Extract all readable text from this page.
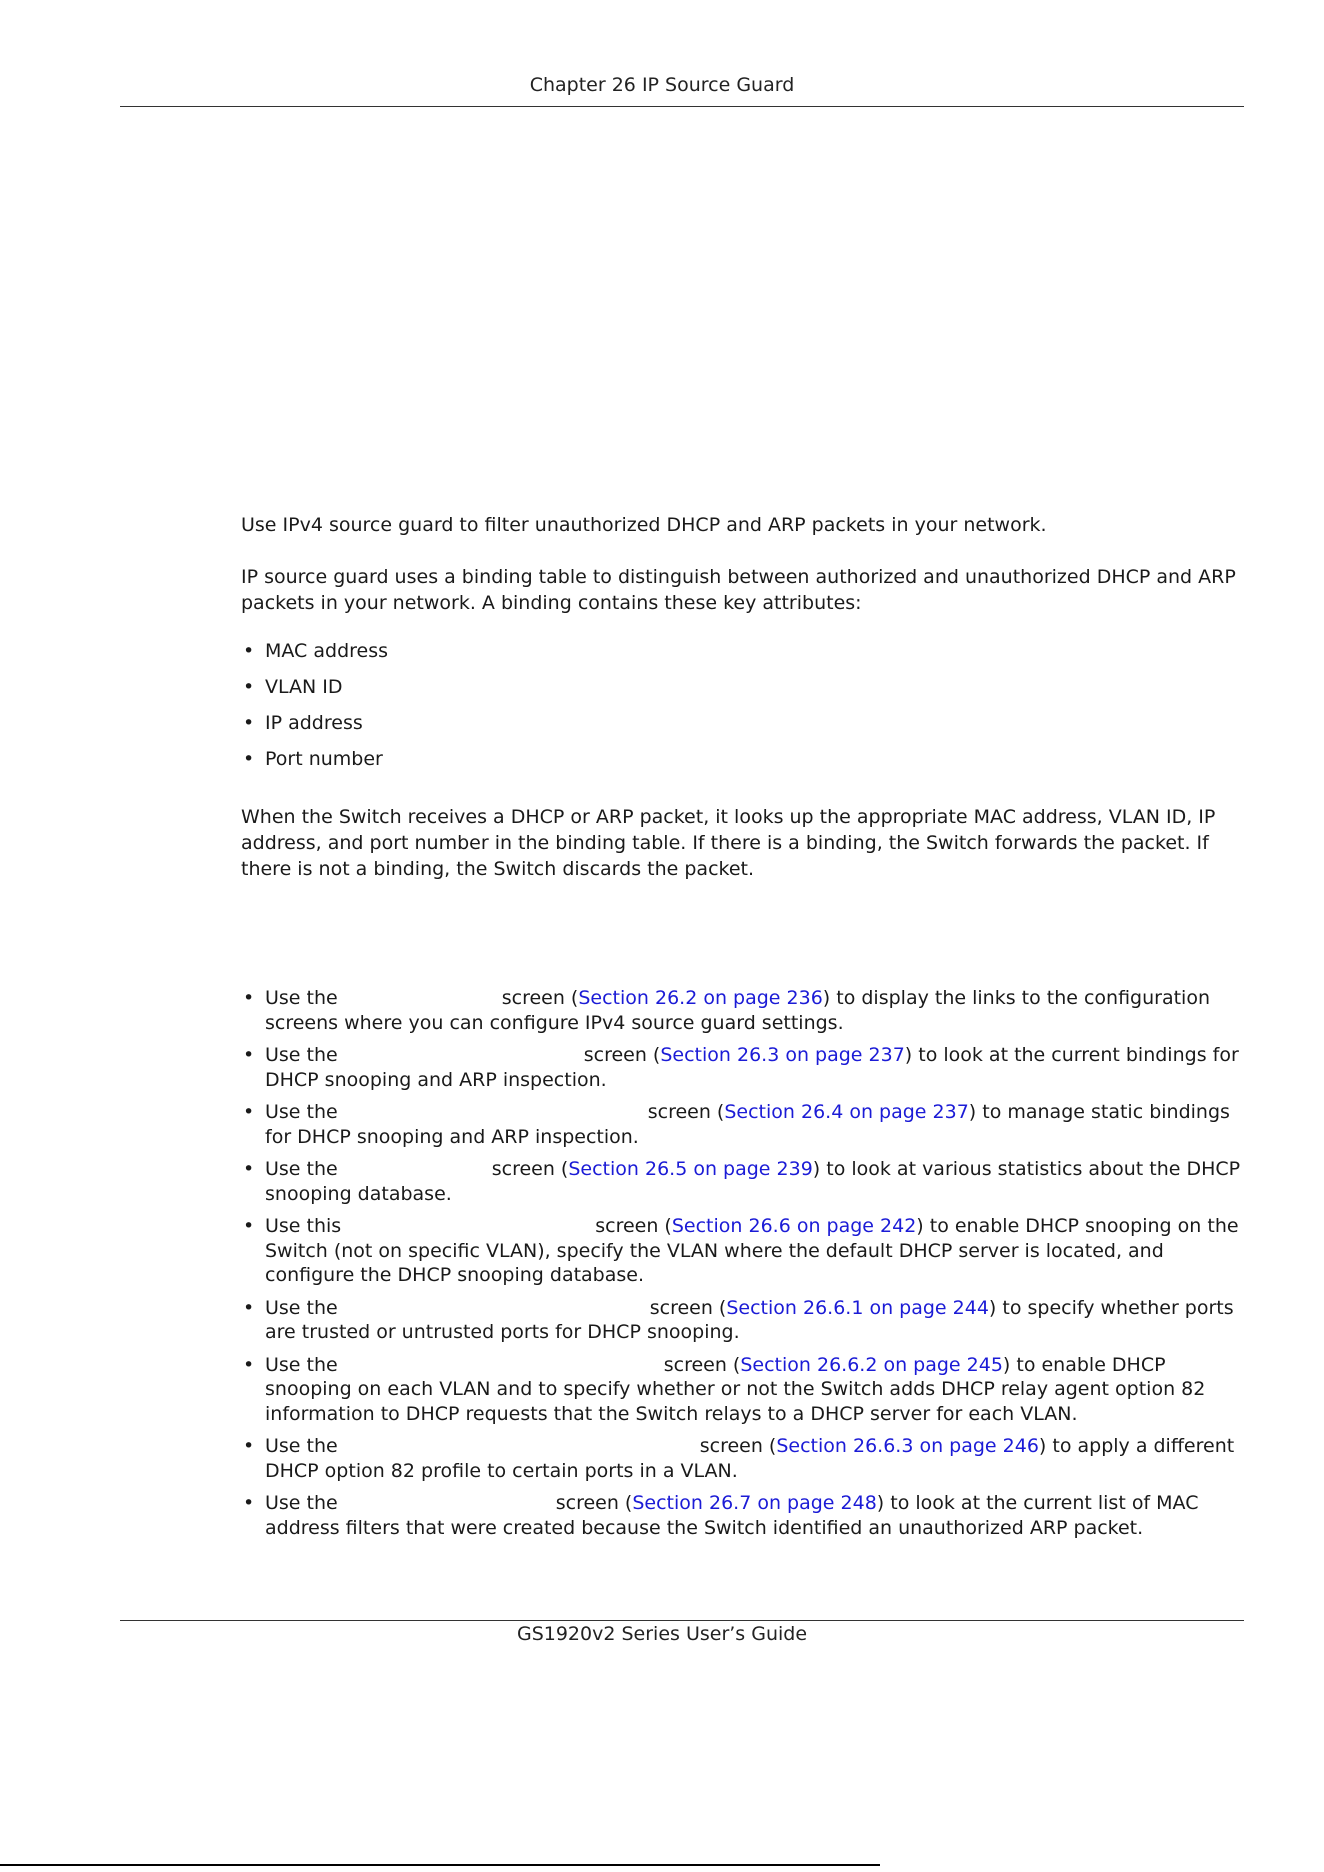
Chapter 26 IP Source Guard

Use IPv4 source guard to filter unauthorized DHCP and ARP packets in your network.

IP source guard uses a binding table to distinguish between authorized and unauthorized DHCP and ARP packets in your network. A binding contains these key attributes:

• MAC address
• VLAN ID
• IP address
• Port number

When the Switch receives a DHCP or ARP packet, it looks up the appropriate MAC address, VLAN ID, IP address, and port number in the binding table. If there is a binding, the Switch forwards the packet. If there is not a binding, the Switch discards the packet.

• Use the	screen (Section 26.2 on page 236) to display the links to the configuration screens where you can configure IPv4 source guard settings.
• Use the	screen (Section 26.3 on page 237) to look at the current bindings for DHCP snooping and ARP inspection.
• Use the	screen (Section 26.4 on page 237) to manage static bindings for DHCP snooping and ARP inspection.
• Use the	screen (Section 26.5 on page 239) to look at various statistics about the DHCP snooping database.
• Use this	screen (Section 26.6 on page 242) to enable DHCP snooping on the Switch (not on specific VLAN), specify the VLAN where the default DHCP server is located, and configure the DHCP snooping database.
• Use the	screen (Section 26.6.1 on page 244) to specify whether ports are trusted or untrusted ports for DHCP snooping.
• Use the	screen (Section 26.6.2 on page 245) to enable DHCP snooping on each VLAN and to specify whether or not the Switch adds DHCP relay agent option 82 information to DHCP requests that the Switch relays to a DHCP server for each VLAN.
• Use the	screen (Section 26.6.3 on page 246) to apply a different DHCP option 82 profile to certain ports in a VLAN.
• Use the	screen (Section 26.7 on page 248) to look at the current list of MAC address filters that were created because the Switch identified an unauthorized ARP packet.
GS1920v2 Series User’s Guide
